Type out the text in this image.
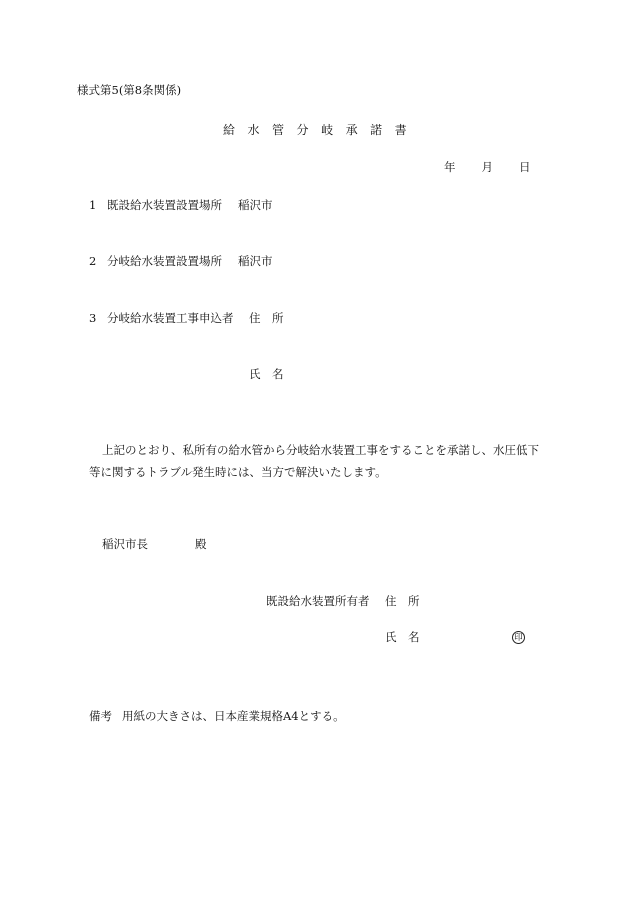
様式第5(第8条関係)
給 水 管 分 岐 承 諾 書
年 月 日
1 既設給水装置設置場所 稲沢市
2 分岐給水装置設置場所 稲沢市
3 分岐給水装置工事申込者 住　所
氏　名
上記のとおり、私所有の給水管から分岐給水装置工事をすることを承諾し、水圧低下
等に関するトラブル発生時には、当方で解決いたします。
稲沢市長	殿
既設給水装置所有者 住　所
氏　名	印
備考 用紙の大きさは、日本産業規格A4とする。
